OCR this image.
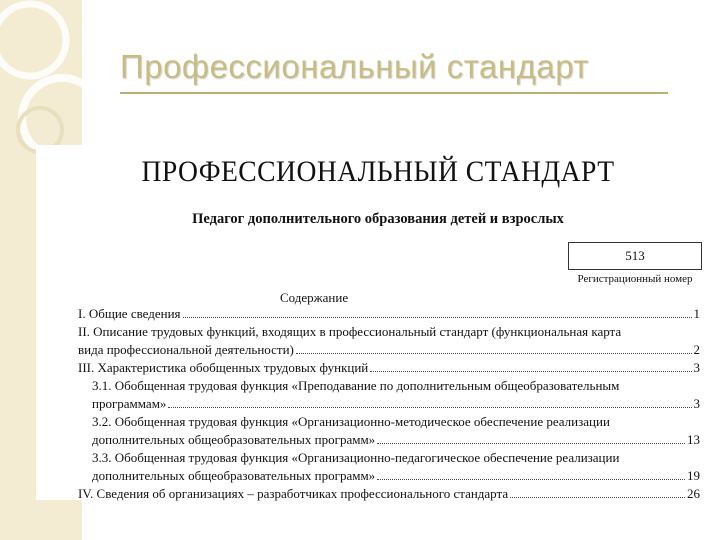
Профессиональный стандарт
ПРОФЕССИОНАЛЬНЫЙ СТАНДАРТ
Педагог дополнительного образования детей и взрослых
513
Регистрационный номер
Содержание
I. Общие сведения	1
II. Описание трудовых функций, входящих в профессиональный стандарт (функциональная карта
вида профессиональной деятельности)	2
III. Характеристика обобщенных трудовых функций	3
3.1. Обобщенная трудовая функция «Преподавание по дополнительным общеобразовательным
программам»	3
3.2. Обобщенная трудовая функция «Организационно-методическое обеспечение реализации
дополнительных общеобразовательных программ»	13
3.3. Обобщенная трудовая функция «Организационно-педагогическое обеспечение реализации
дополнительных общеобразовательных программ»	19
IV. Сведения об организациях – разработчиках профессионального стандарта	26
